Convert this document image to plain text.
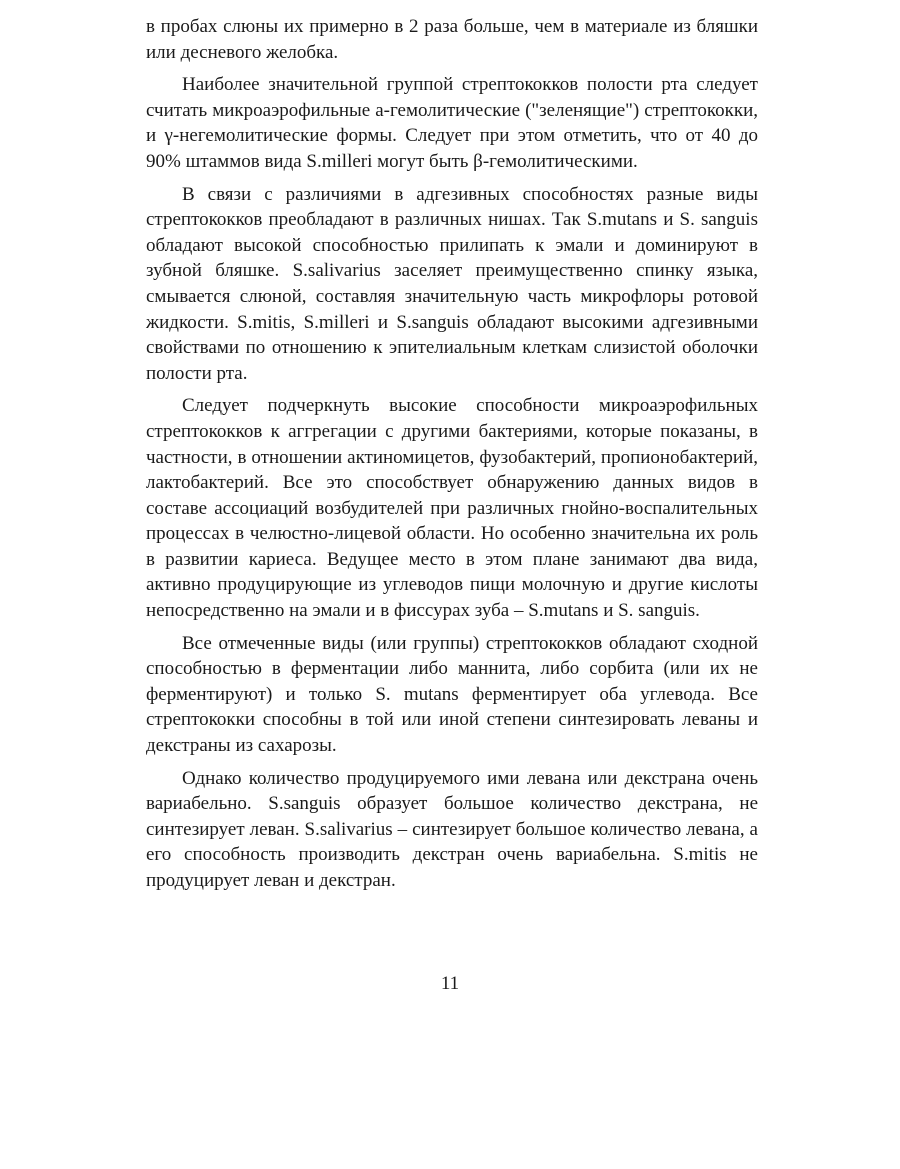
в пробах слюны их примерно в 2 раза больше, чем в материале из бляшки или десневого желобка.

Наиболее значительной группой стрептококков полости рта следует считать микроаэрофильные a-гемолитические ("зеленящие") стрептококки, и γ-негемолитические формы. Следует при этом отметить, что от 40 до 90% штаммов вида S.milleri могут быть β-гемолитическими.

В связи с различиями в адгезивных способностях разные виды стрептококков преобладают в различных нишах. Так S.mutans и S. sanguis обладают высокой способностью прилипать к эмали и доминируют в зубной бляшке. S.salivarius заселяет преимущественно спинку языка, смывается слюной, составляя значительную часть микрофлоры ротовой жидкости. S.mitis, S.milleri и S.sanguis обладают высокими адгезивными свойствами по отношению к эпителиальным клеткам слизистой оболочки полости рта.

Следует подчеркнуть высокие способности микроаэрофильных стрептококков к аггрегации с другими бактериями, которые показаны, в частности, в отношении актиномицетов, фузобактерий, пропионобактерий, лактобактерий. Все это способствует обнаружению данных видов в составе ассоциаций возбудителей при различных гнойно-воспалительных процессах в челюстно-лицевой области. Но особенно значительна их роль в развитии кариеса. Ведущее место в этом плане занимают два вида, активно продуцирующие из углеводов пищи молочную и другие кислоты непосредственно на эмали и в фиссурах зуба – S.mutans и S. sanguis.

Все отмеченные виды (или группы) стрептококков обладают сходной способностью в ферментации либо маннита, либо сорбита (или их не ферментируют) и только S. mutans ферментирует оба углевода. Все стрептококки способны в той или иной степени синтезировать леваны и декстраны из сахарозы.

Однако количество продуцируемого ими левана или декстрана очень вариабельно. S.sanguis образует большое количество декстрана, не синтезирует леван. S.salivarius – синтезирует большое количество левана, а его способность производить декстран очень вариабельна. S.mitis не продуцирует леван и декстран.

11
